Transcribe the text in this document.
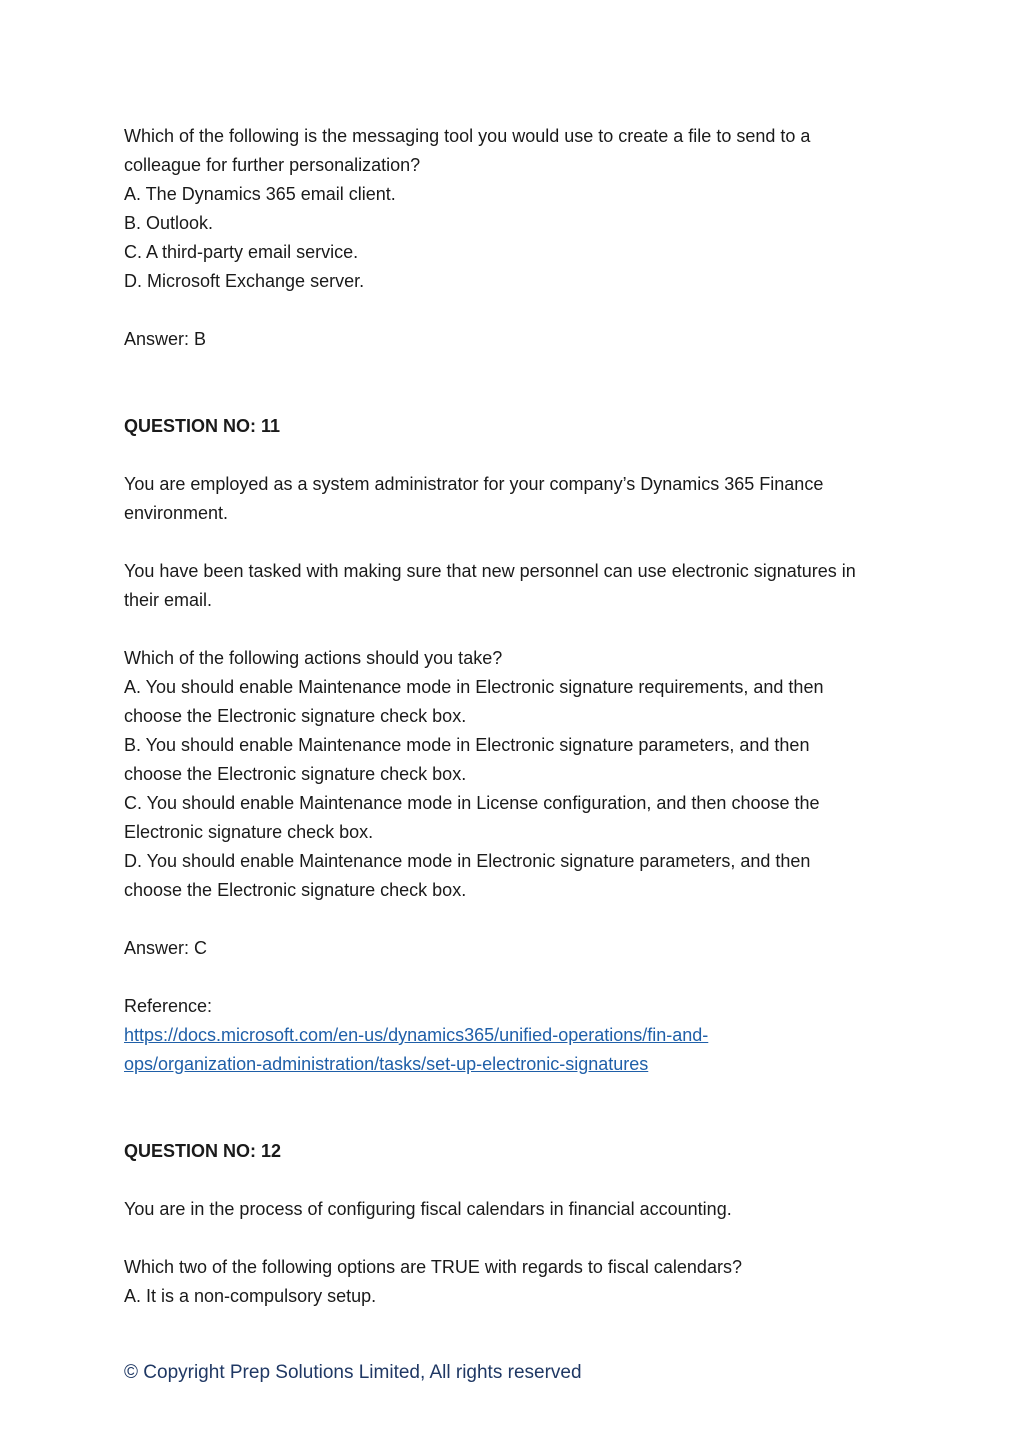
Which of the following is the messaging tool you would use to create a file to send to a
colleague for further personalization?
A. The Dynamics 365 email client.
B. Outlook.
C. A third-party email service.
D. Microsoft Exchange server.
Answer: B
QUESTION NO: 11
You are employed as a system administrator for your company’s Dynamics 365 Finance
environment.
You have been tasked with making sure that new personnel can use electronic signatures in
their email.
Which of the following actions should you take?
A. You should enable Maintenance mode in Electronic signature requirements, and then
choose the Electronic signature check box.
B. You should enable Maintenance mode in Electronic signature parameters, and then
choose the Electronic signature check box.
C. You should enable Maintenance mode in License configuration, and then choose the
Electronic signature check box.
D. You should enable Maintenance mode in Electronic signature parameters, and then
choose the Electronic signature check box.
Answer: C
Reference:
https://docs.microsoft.com/en-us/dynamics365/unified-operations/fin-and-
ops/organization-administration/tasks/set-up-electronic-signatures
QUESTION NO: 12
You are in the process of configuring fiscal calendars in financial accounting.
Which two of the following options are TRUE with regards to fiscal calendars?
A. It is a non-compulsory setup.
© Copyright Prep Solutions Limited, All rights reserved
